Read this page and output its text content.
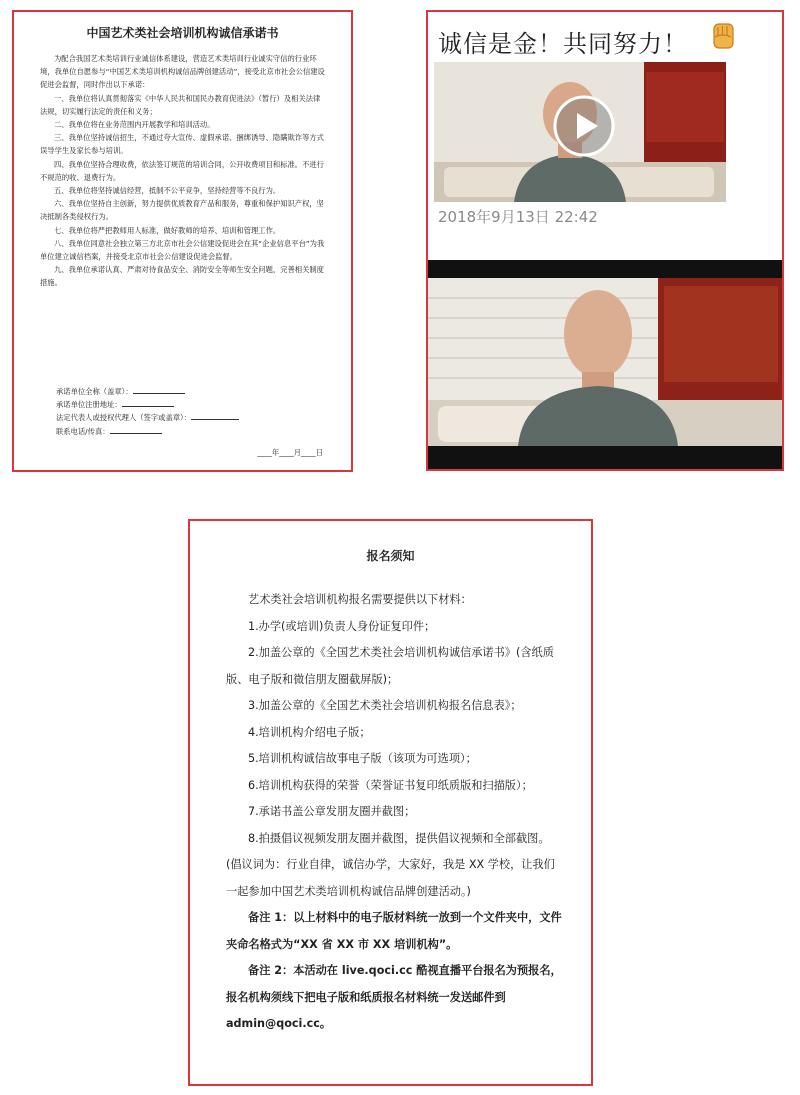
中国艺术类社会培训机构诚信承诺书

为配合我国艺术类培训行业诚信体系建设，营造艺术类培训行业诚实守信的行业环境，我单位自愿参与“中国艺术类培训机构诚信品牌创建活动”，接受北京市社会公信建设促进会监督，同时作出以下承诺：

一、我单位将认真贯彻落实《中华人民共和国民办教育促进法》（暂行）及相关法律法规，切实履行法定的责任和义务；

二、我单位将在业务范围内开展教学和培训活动。

三、我单位坚持诚信招生，不通过夸大宣传、虚假承诺、捆绑诱导、隐瞒欺诈等方式误导学生及家长参与培训。

四、我单位坚持合理收费，依法签订规范的培训合同，公开收费项目和标准。不进行不规范的收、退费行为。

五、我单位将坚持诚信经营，抵制不公平竞争，坚持经营等不良行为。

六、我单位坚持自主创新，努力提供优质教育产品和服务，尊重和保护知识产权，坚决抵制各类侵权行为。

七、我单位将严把教师用人标准，做好教师的培养、培训和管理工作。

八、我单位同意社会独立第三方北京市社会公信建设促进会在其“企业信息平台”为我单位建立诚信档案，并接受北京市社会公信建设促进会监督。

九、我单位承诺认真、严肃对待食品安全、消防安全等师生安全问题，完善相关制度措施。

承诺单位全称（盖章）：
承诺单位注册地址：
法定代表人或授权代理人（签字或盖章）：
联系电话/传真：
____年____月____日
诚信是金！共同努力！
2018年9月13日 22:42
报名须知

艺术类社会培训机构报名需要提供以下材料：

1.办学(或培训)负责人身份证复印件；

2.加盖公章的《全国艺术类社会培训机构诚信承诺书》(含纸质版、电子版和微信朋友圈截屏版)；

3.加盖公章的《全国艺术类社会培训机构报名信息表》；

4.培训机构介绍电子版；

5.培训机构诚信故事电子版（该项为可选项）；

6.培训机构获得的荣誉（荣誉证书复印纸质版和扫描版）；

7.承诺书盖公章发朋友圈并截图；

8.拍摄倡议视频发朋友圈并截图，提供倡议视频和全部截图。(倡议词为：行业自律，诚信办学，大家好，我是 XX 学校，让我们一起参加中国艺术类培训机构诚信品牌创建活动。)

备注 1：以上材料中的电子版材料统一放到一个文件夹中，文件夹命名格式为“XX 省 XX 市 XX 培训机构”。

备注 2：本活动在 live.qoci.cc 酷视直播平台报名为预报名，报名机构须线下把电子版和纸质报名材料统一发送邮件到 admin@qoci.cc。
